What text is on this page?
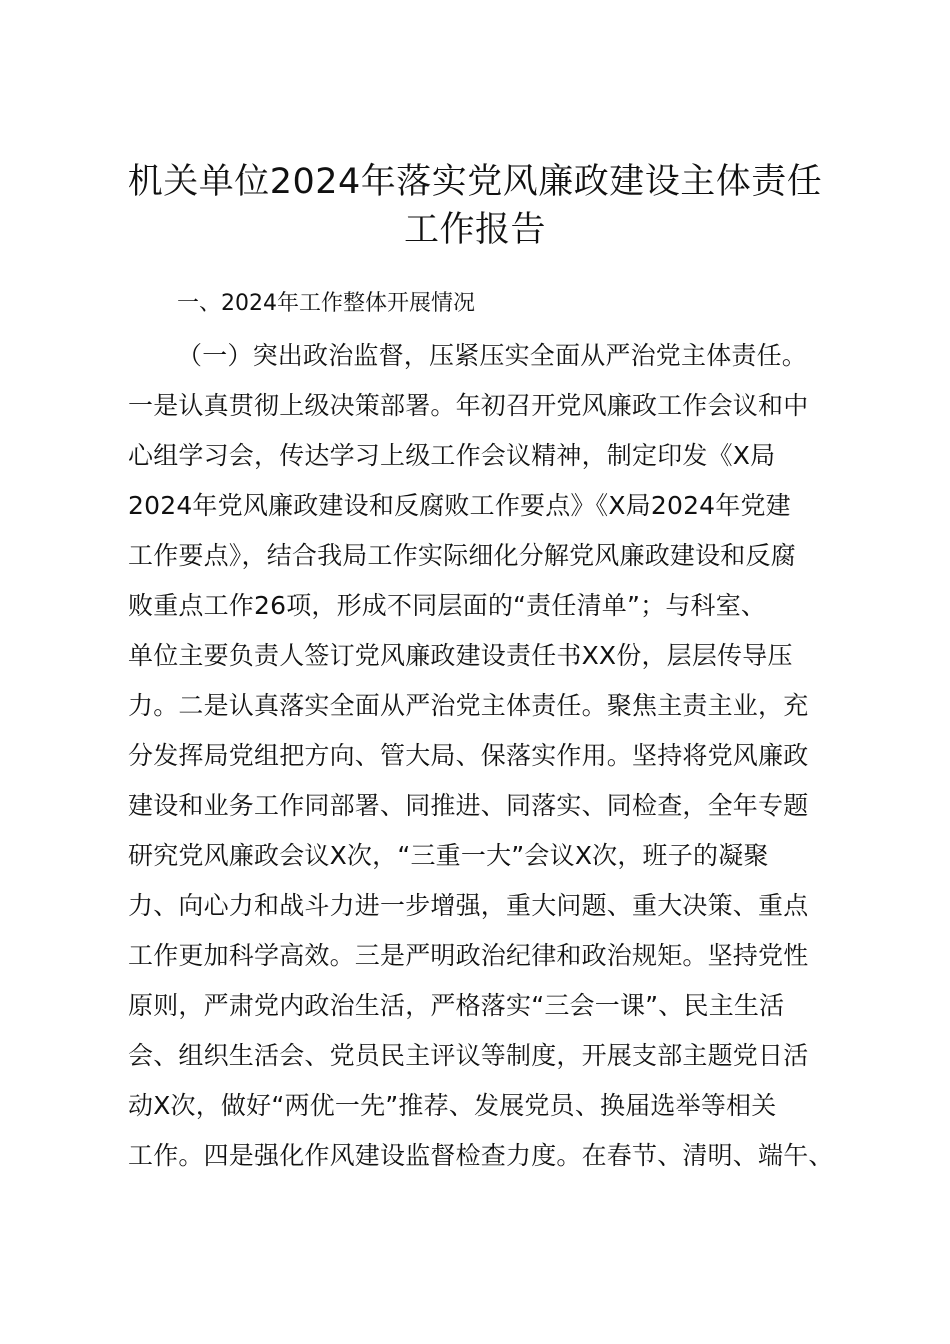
机关单位2024年落实党风廉政建设主体责任
工作报告

一、2024年工作整体开展情况

（一）突出政治监督，压紧压实全面从严治党主体责任。
一是认真贯彻上级决策部署。年初召开党风廉政工作会议和中
心组学习会，传达学习上级工作会议精神，制定印发《X局
2024年党风廉政建设和反腐败工作要点》《X局2024年党建
工作要点》，结合我局工作实际细化分解党风廉政建设和反腐
败重点工作26项，形成不同层面的“责任清单”；与科室、
单位主要负责人签订党风廉政建设责任书XX份，层层传导压
力。二是认真落实全面从严治党主体责任。聚焦主责主业，充
分发挥局党组把方向、管大局、保落实作用。坚持将党风廉政
建设和业务工作同部署、同推进、同落实、同检查，全年专题
研究党风廉政会议X次，“三重一大”会议X次，班子的凝聚
力、向心力和战斗力进一步增强，重大问题、重大决策、重点
工作更加科学高效。三是严明政治纪律和政治规矩。坚持党性
原则，严肃党内政治生活，严格落实“三会一课”、民主生活
会、组织生活会、党员民主评议等制度，开展支部主题党日活
动X次，做好“两优一先”推荐、发展党员、换届选举等相关
工作。四是强化作风建设监督检查力度。在春节、清明、端午、
